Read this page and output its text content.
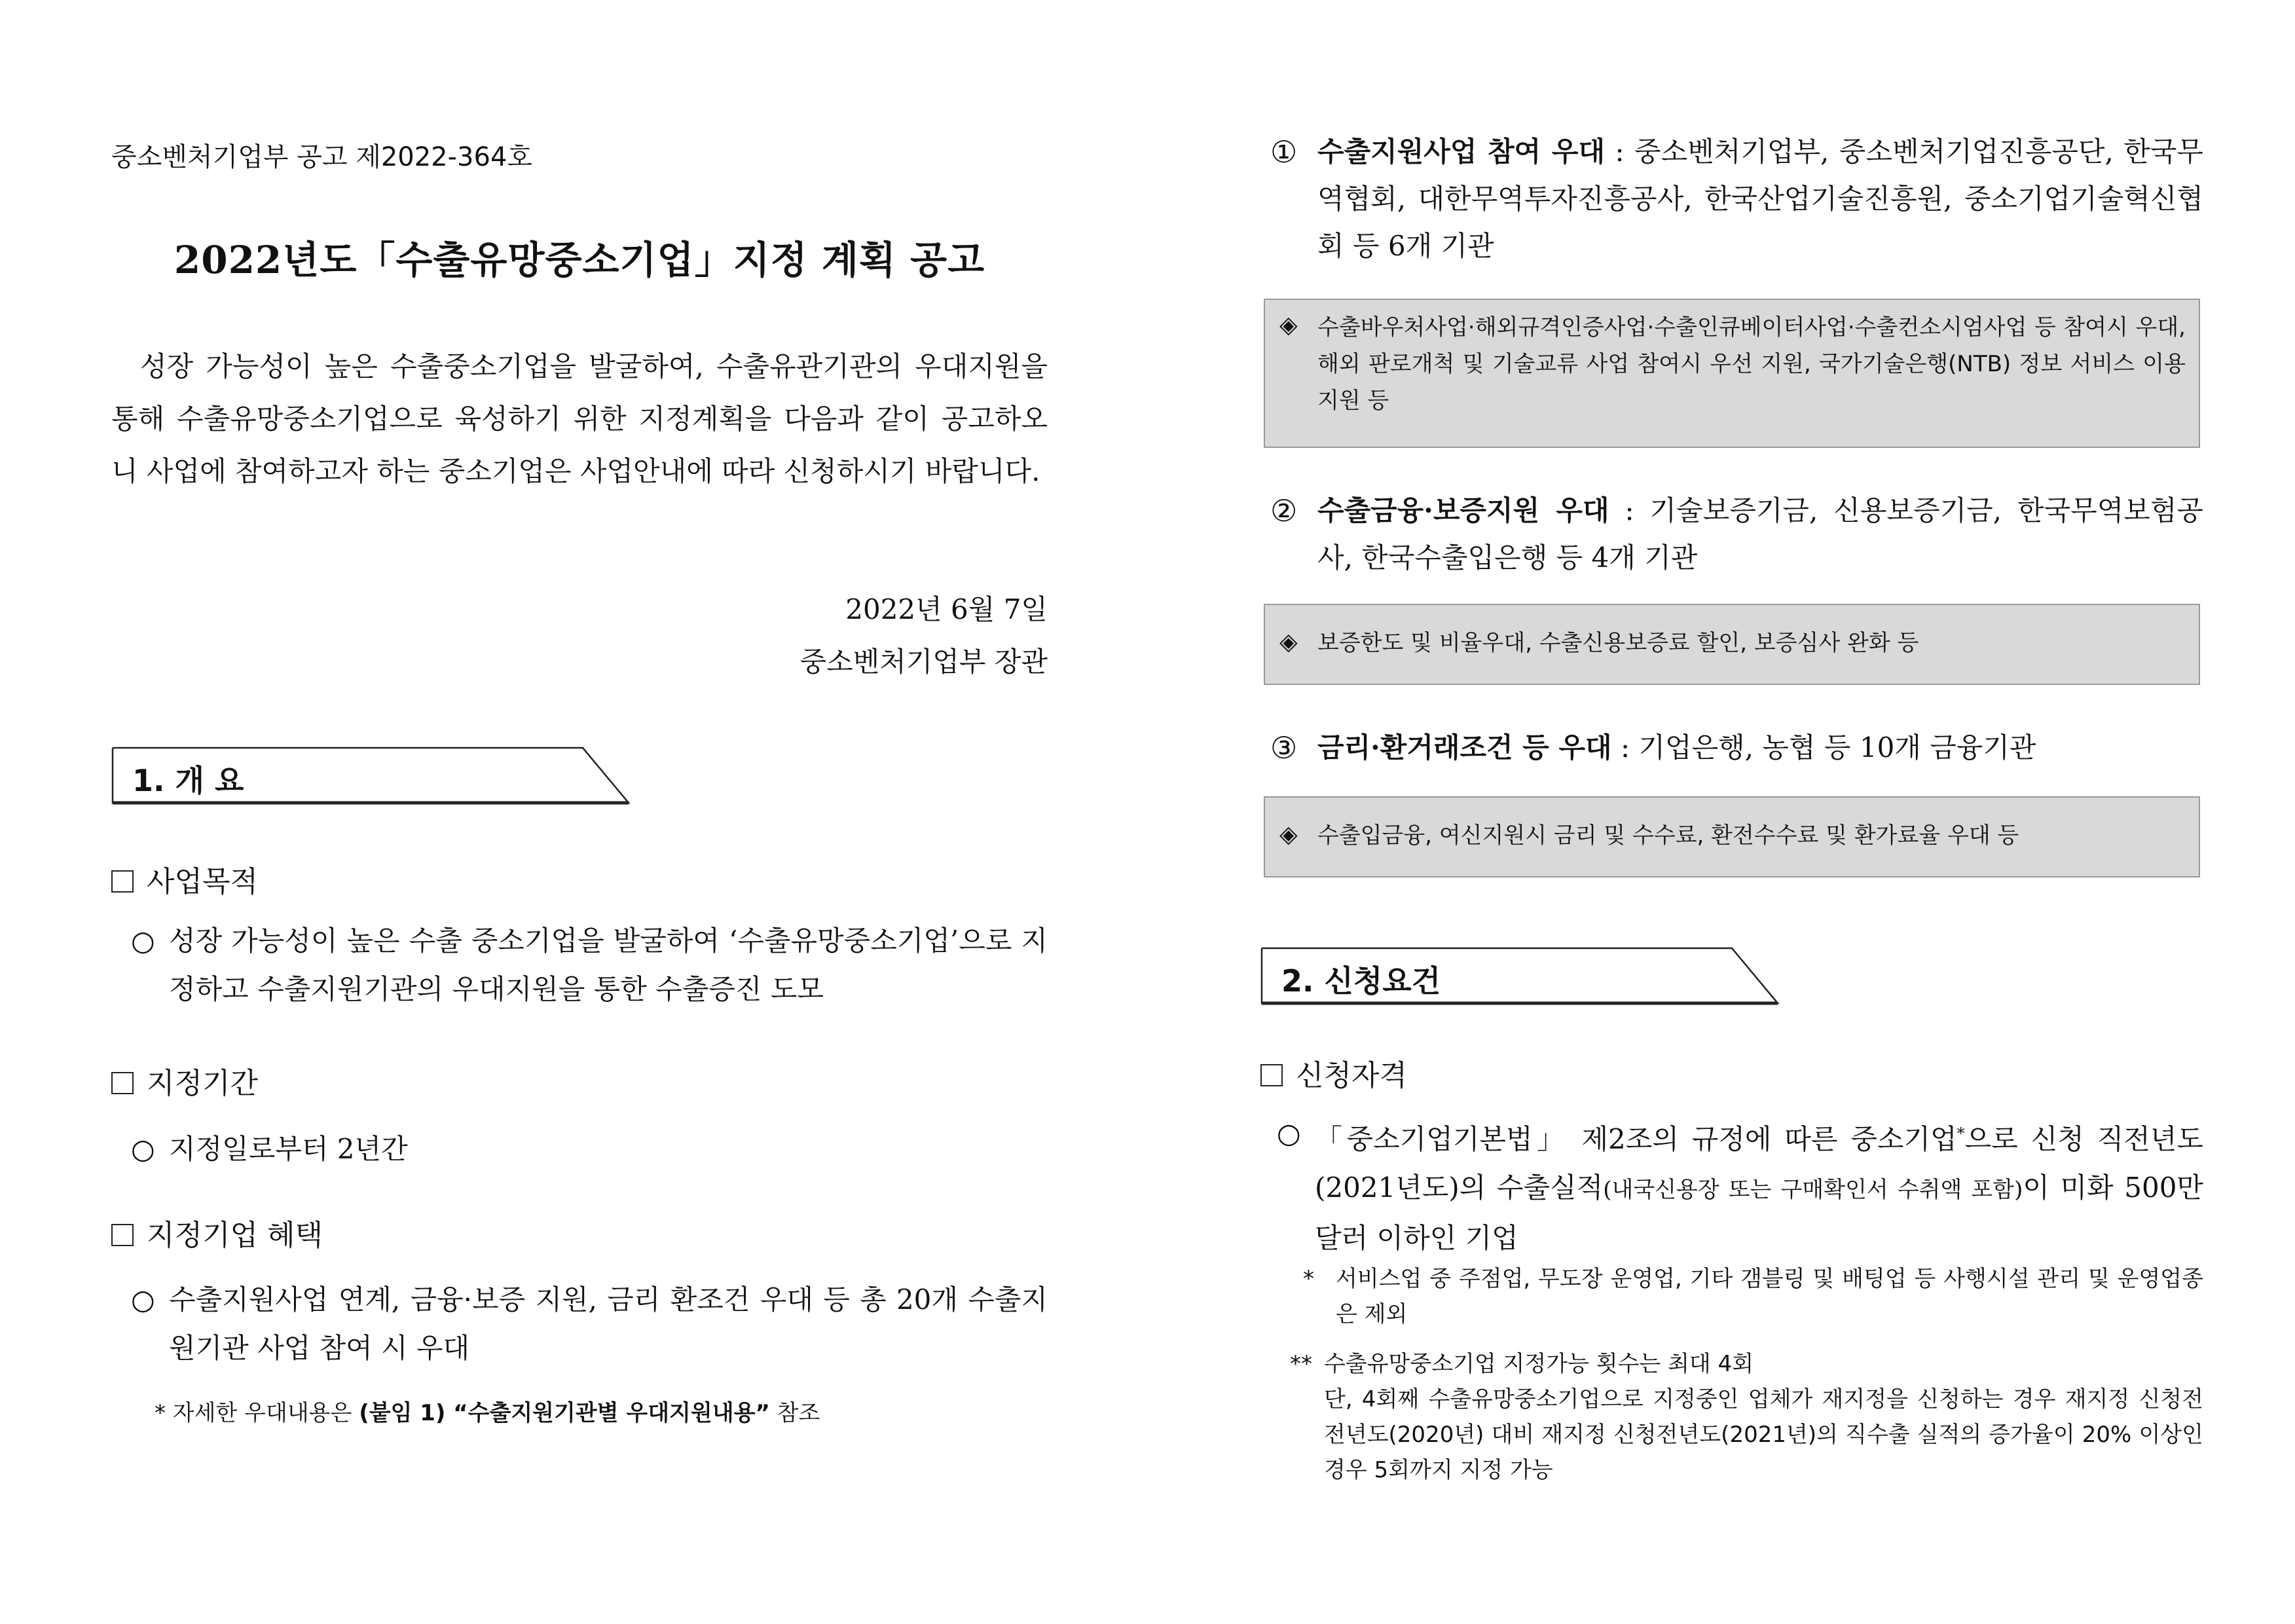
중소벤처기업부 공고 제2022-364호
2022년도「수출유망중소기업」지정 계획 공고
성장 가능성이 높은 수출중소기업을 발굴하여, 수출유관기관의 우대지원을 통해 수출유망중소기업으로 육성하기 위한 지정계획을 다음과 같이 공고하오니 사업에 참여하고자 하는 중소기업은 사업안내에 따라 신청하시기 바랍니다.
2022년 6월 7일
중소벤처기업부 장관
1. 개 요
사업목적
○ 성장 가능성이 높은 수출 중소기업을 발굴하여 ‘수출유망중소기업’으로 지정하고 수출지원기관의 우대지원을 통한 수출증진 도모
지정기간
○ 지정일로부터 2년간
지정기업 혜택
○ 수출지원사업 연계, 금융·보증 지원, 금리 환조건 우대 등 총 20개 수출지원기관 사업 참여 시 우대
* 자세한 우대내용은 (붙임 1) “수출지원기관별 우대지원내용” 참조
① 수출지원사업 참여 우대 : 중소벤처기업부, 중소벤처기업진흥공단, 한국무역협회, 대한무역투자진흥공사, 한국산업기술진흥원, 중소기업기술혁신협회 등 6개 기관
◈ 수출바우처사업·해외규격인증사업·수출인큐베이터사업·수출컨소시엄사업 등 참여시 우대, 해외 판로개척 및 기술교류 사업 참여시 우선 지원, 국가기술은행(NTB) 정보 서비스 이용 지원 등
② 수출금융·보증지원 우대 : 기술보증기금, 신용보증기금, 한국무역보험공사, 한국수출입은행 등 4개 기관
◈ 보증한도 및 비율우대, 수출신용보증료 할인, 보증심사 완화 등
③ 금리·환거래조건 등 우대 : 기업은행, 농협 등 10개 금융기관
◈ 수출입금융, 여신지원시 금리 및 수수료, 환전수수료 및 환가료율 우대 등
2. 신청요건
신청자격
○ 「중소기업기본법」 제2조의 규정에 따른 중소기업*으로 신청 직전년도(2021년도)의 수출실적(내국신용장 또는 구매확인서 수취액 포함)이 미화 500만 달러 이하인 기업
* 서비스업 중 주점업, 무도장 운영업, 기타 갬블링 및 배팅업 등 사행시설 관리 및 운영업종은 제외
** 수출유망중소기업 지정가능 횟수는 최대 4회
단, 4회째 수출유망중소기업으로 지정중인 업체가 재지정을 신청하는 경우 재지정 신청전전년도(2020년) 대비 재지정 신청전년도(2021년)의 직수출 실적의 증가율이 20% 이상인 경우 5회까지 지정 가능
